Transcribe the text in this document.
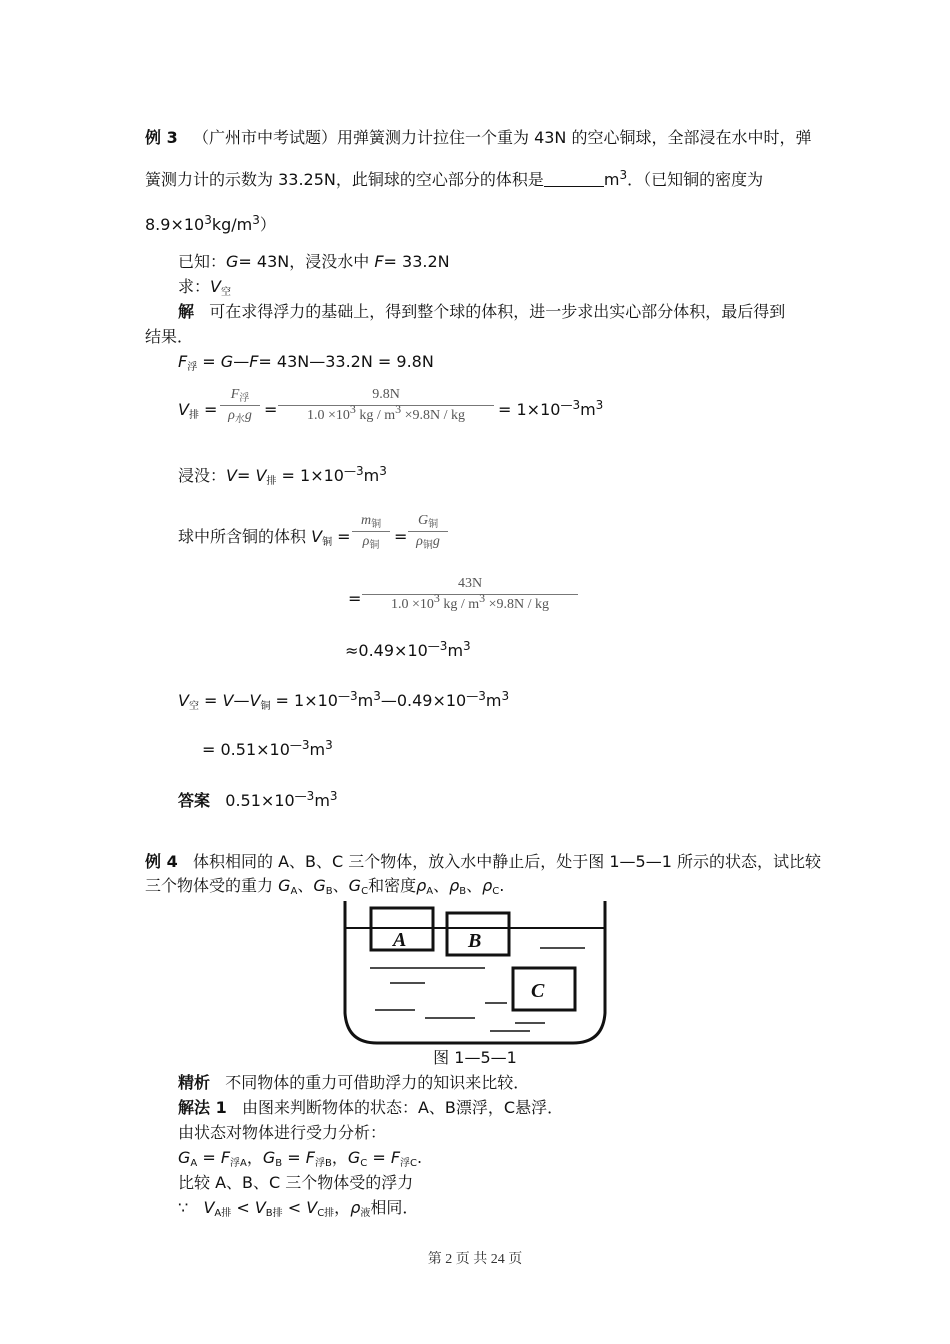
例 3 （广州市中考试题）用弹簧测力计拉住一个重为 43N 的空心铜球，全部浸在水中时，弹
簧测力计的示数为 33.25N，此铜球的空心部分的体积是	$m^3$．（已知铜的密度为
$8.9\times 10^3kg/m^3$）
已知：G= 43N，浸没水中 F= 33.2N
求：$V_空$
解 可在求得浮力的基础上，得到整个球的体积，进一步求出实心部分体积，最后得到
结果．
$F_浮$ = G—F= 43N—33.2N = 9.8N
$V_排$ =
$F_浮$
$\rho_水g$ =
9.8N
$1.0 \times 10^3$ kg / $m^3 \times 9.8N$ / kg	= $1\times 10^{—3}m^3$
浸没：$V= V_排 = 1\times 10^{—3}m^3$
球中所含铜的体积 $V_铜$ =
$m_铜$
$\rho_铜$ =
$G_铜$
$\rho_铜g$
=
43N
$1.0 \times 10^3$ kg / $m^3 \times 9.8N$ / kg
$\approx 0.49\times 10^{—3}m^3$
$V_空$ = $V—V_铜$ = $1\times 10^{—3}m^3—0.49\times 10^{—3}m^3$
= $0.51\times 10^{—3}m^3$
答案 $0.51\times 10^{—3}m^3$
例 4 体积相同的 A、B、C 三个物体，放入水中静止后，处于图 1—5—1 所示的状态，试比较
三个物体受的重力 $G_A$、$G_B$、$G_C$和密度$\rho_A$、$\rho_B$、$\rho_C$.
A	B
C
图 1—5—1
精析 不同物体的重力可借助浮力的知识来比较．
解法 1 由图来判断物体的状态：A、B漂浮，C悬浮．
由状态对物体进行受力分析：
$G_A = F_{浮A}$，$G_B = F_{浮B}$，$G_C = F_{浮C}$.
比较 A、B、C 三个物体受的浮力
∵ $V_{A排} < V_{B排} < V_{C排}$，$\rho_液$相同．
第 2 页 共 24 页
